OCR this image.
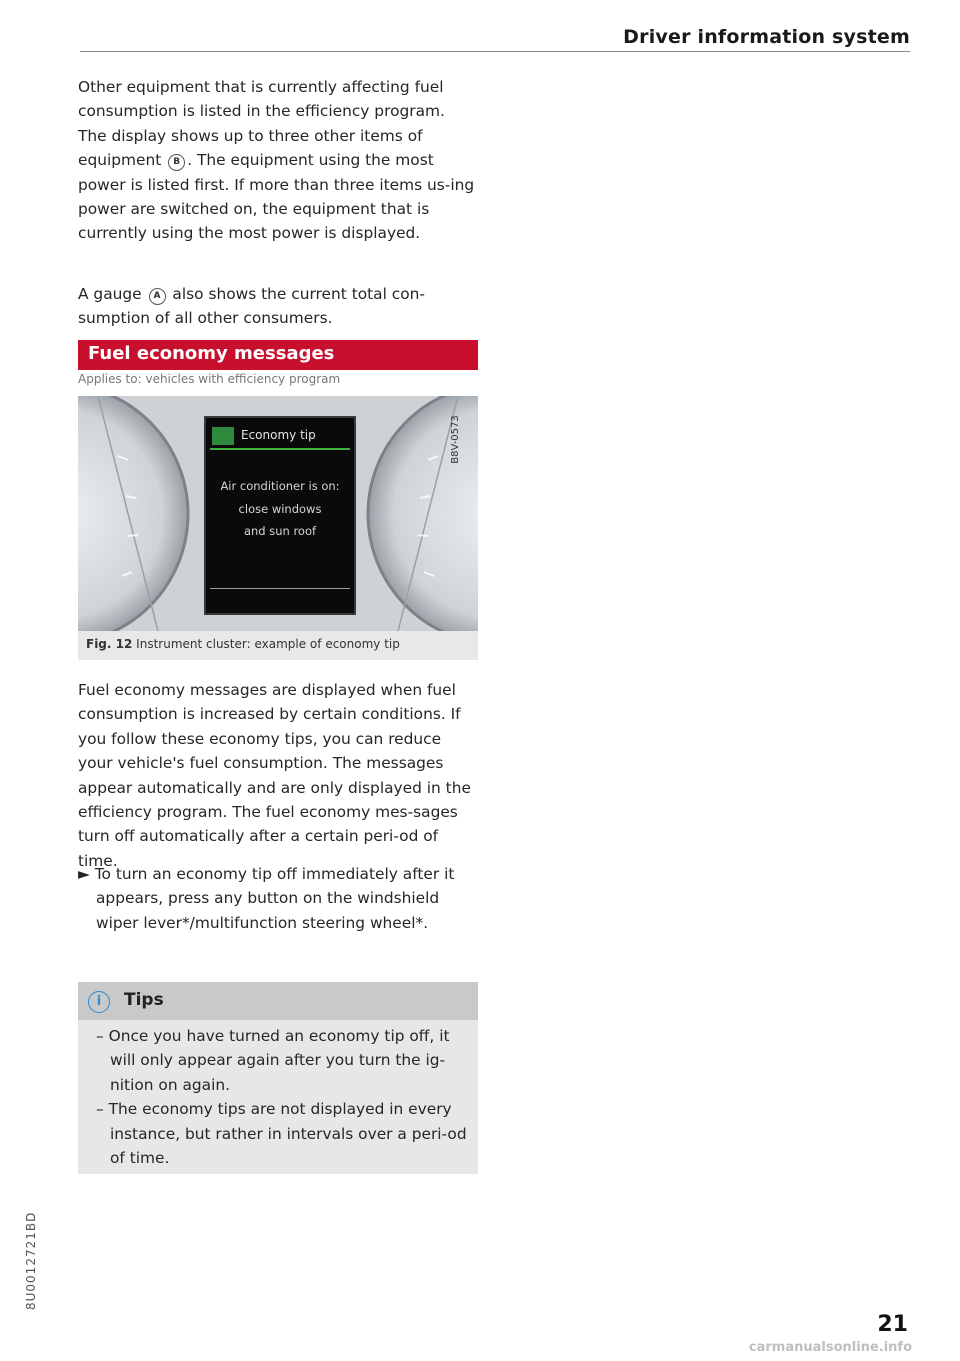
Driver information system

Other equipment that is currently affecting fuel consumption is listed in the efficiency program. The display shows up to three other items of equipment B . The equipment using the most power is listed first. If more than three items us-ing power are switched on, the equipment that is currently using the most power is displayed.

A gauge A also shows the current total con-sumption of all other consumers.

Fuel economy messages
Applies to: vehicles with efficiency program
Economy tip
Air conditioner is on:
close windows
and sun roof
B8V-0573
Fig. 12 Instrument cluster: example of economy tip

Fuel economy messages are displayed when fuel consumption is increased by certain conditions. If you follow these economy tips, you can reduce your vehicle's fuel consumption. The messages appear automatically and are only displayed in the efficiency program. The fuel economy mes-sages turn off automatically after a certain peri-od of time.

► To turn an economy tip off immediately after it appears, press any button on the windshield wiper lever*/multifunction steering wheel*.

i	Tips

– Once you have turned an economy tip off, it will only appear again after you turn the ig-nition on again.

– The economy tips are not displayed in every instance, but rather in intervals over a peri-od of time.

8U0012721BD
21
carmanualsonline.info
